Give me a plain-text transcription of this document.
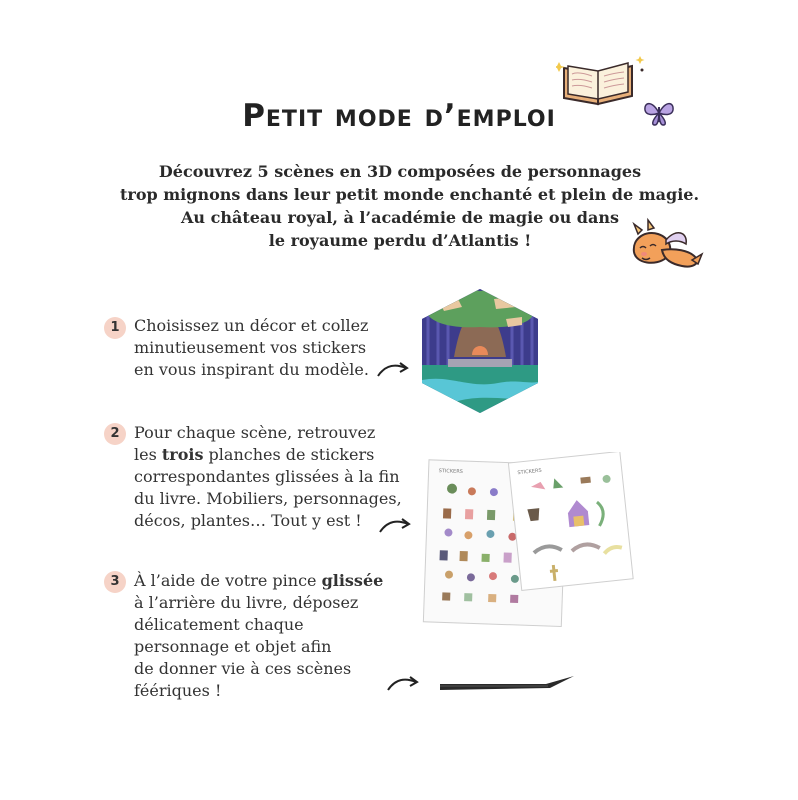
Petit mode d’emploi
Découvrez 5 scènes en 3D composées de personnages
trop mignons dans leur petit monde enchanté et plein de magie.
Au château royal, à l’académie de magie ou dans
le royaume perdu d’Atlantis !
1
2
3
Choisissez un décor et collez
minutieusement vos stickers
en vous inspirant du modèle.
Pour chaque scène, retrouvez
les trois planches de stickers
correspondantes glissées à la fin
du livre. Mobiliers, personnages,
décos, plantes… Tout y est !
À l’aide de votre pince glissée
à l’arrière du livre, déposez
délicatement chaque
personnage et objet afin
de donner vie à ces scènes
féériques !
STICKERS	STICKERS
